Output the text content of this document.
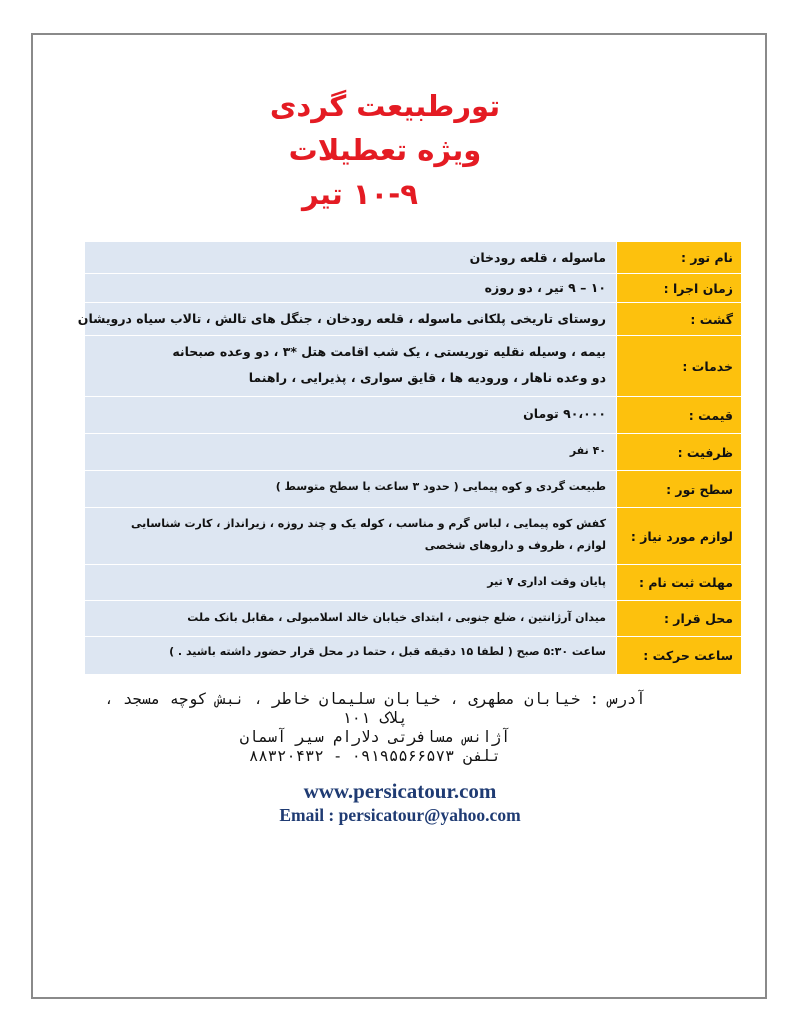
تورطبیعت گردی
ویژه تعطیلات
۱۰-۹ تیر
نام تور :	ماسوله ، قلعه رودخان

زمان اجرا :	۱۰ – ۹ تیر ، دو روزه

گشت :	روستای تاریخی پلکانی ماسوله ، قلعه رودخان ، جنگل های تالش ، تالاب سیاه درویشان

خدمات :	بیمه ، وسیله نقلیه توریستی ، یک شب اقامت هتل *۳ ، دو وعده صبحانه
دو وعده ناهار ، ورودیه ها ، قایق سواری ، پذیرایی ، راهنما

قیمت :	۹۰،۰۰۰ تومان

ظرفیت :	۴۰ نفر

سطح تور :	طبیعت گردی و کوه پیمایی ( حدود ۳ ساعت با سطح متوسط )

لوازم مورد نیاز :	کفش کوه پیمایی ، لباس گرم و مناسب ، کوله یک و چند روزه ، زیرانداز ، کارت شناسایی
لوازم ، ظروف و داروهای شخصی

مهلت ثبت نام :	پایان وقت اداری ۷ تیر

محل قرار :	میدان آرژانتین ، ضلع جنوبی ، ابتدای خیابان خالد اسلامبولی ، مقابل بانک ملت

ساعت حرکت :	ساعت ۵:۳۰ صبح ( لطفا ۱۵ دقیقه قبل ، حتما در محل قرار حضور داشته باشید . )
آدرس : خیابان مطهری ، خیابان سلیمان خاطر ، نبش کوچه مسجد ،
پلاک ۱۰۱
آژانس مسافرتی دلارام سیر آسمان
تلفن ۰۹۱۹۵۵۶۶۵۷۳ - ۸۸۳۲۰۴۳۲
www.persicatour.com
Email : persicatour@yahoo.com
